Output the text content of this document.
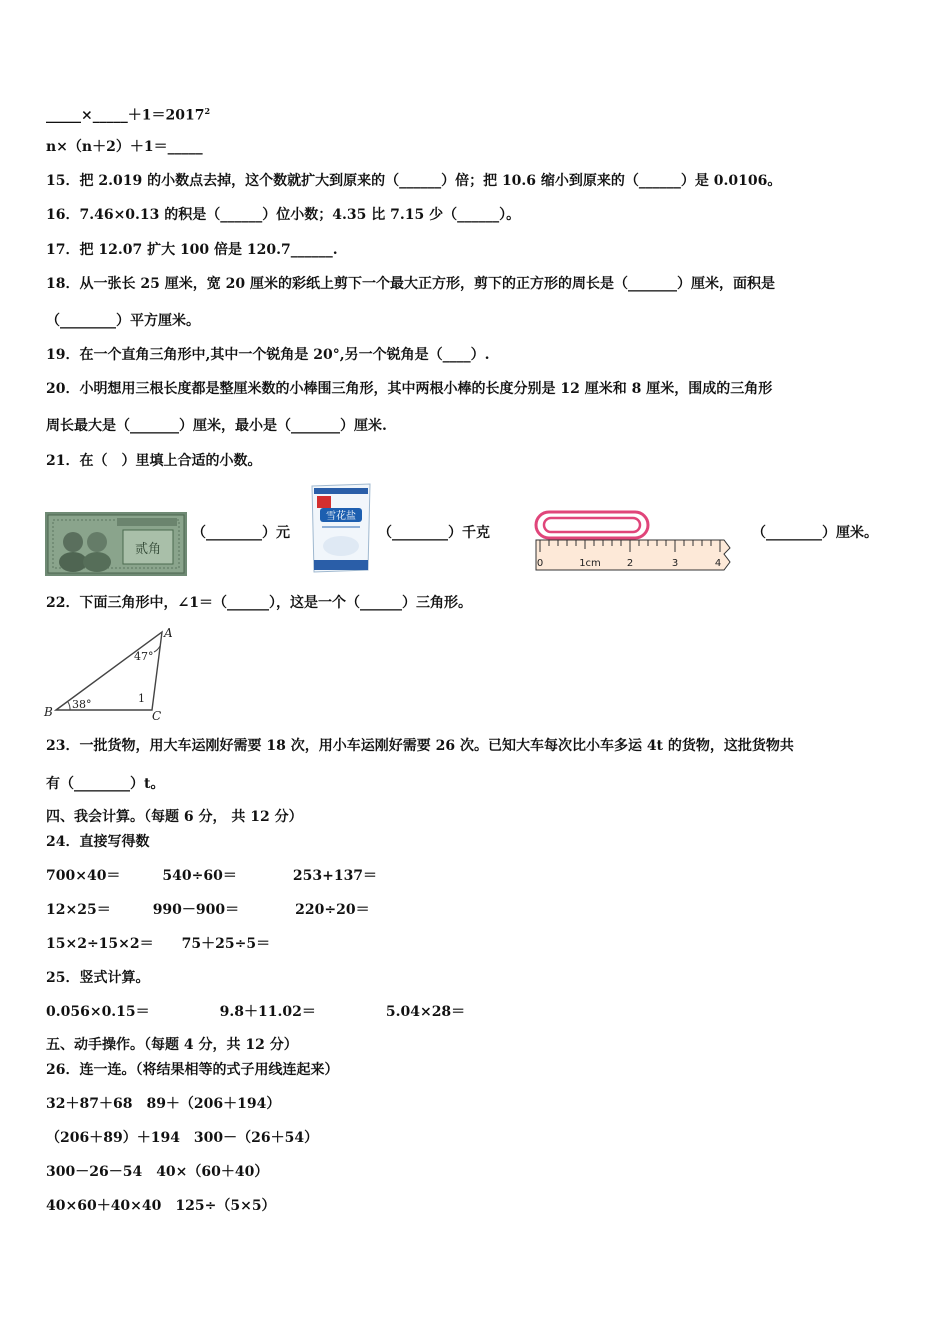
$\_\_\_\_\_\times\_\_\_\_\_+1=2017^2$
n×（n＋2）＋1＝_____
15．把 2.019 的小数点去掉，这个数就扩大到原来的（______）倍；把 10.6 缩小到原来的（______）是 0.0106。
16．7.46×0.13 的积是（______）位小数；4.35 比 7.15 少（______）。
17．把 12.07 扩大 100 倍是 120.7______.
18．从一张长 25 厘米，宽 20 厘米的彩纸上剪下一个最大正方形，剪下的正方形的周长是（_______）厘米，面积是
（________）平方厘米。
19．在一个直角三角形中,其中一个锐角是 20°,另一个锐角是（____）.
20．小明想用三根长度都是整厘米数的小棒围三角形，其中两根小棒的长度分别是 12 厘米和 8 厘米，围成的三角形
周长最大是（_______）厘米，最小是（_______）厘米.
21．在（　）里填上合适的小数。
贰角
（________）元
雪花盐
（________）千克
0	1cm	2	3	4
（________）厘米。
22．下面三角形中，∠1＝（______），这是一个（______）三角形。
A
B	C
47°
38°	1
23．一批货物，用大车运刚好需要 18 次，用小车运刚好需要 26 次。已知大车每次比小车多运 4t 的货物，这批货物共
有（________）t。
四、我会计算。（每题 6 分， 共 12 分）
24．直接写得数
700×40＝　　　540÷60＝　　　　253+137＝
12×25＝　　　990－900＝　　　　220÷20＝
15×2÷15×2＝　　75＋25÷5＝
25．竖式计算。
0.056×0.15＝　　　　　9.8＋11.02＝　　　　　5.04×28＝
五、动手操作。（每题 4 分，共 12 分）
26．连一连。（将结果相等的式子用线连起来）
32＋87＋68　89＋（206＋194）
（206＋89）＋194　300－（26＋54）
300－26－54　40×（60＋40）
40×60＋40×40　125÷（5×5）
